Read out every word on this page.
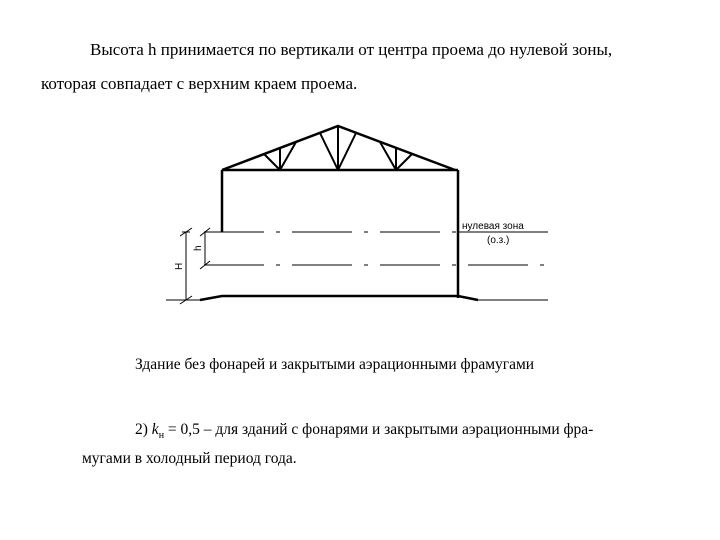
Высота h принимается по вертикали от центра проема до нулевой зоны,
которая совпадает с верхним краем проема.
нулевая зона
(о.з.)
h
H
Здание без фонарей и закрытыми аэрационными фрамугами
2) $k_н = 0,5$ – для зданий с фонарями и закрытыми аэрационными фра-
мугами в холодный период года.
